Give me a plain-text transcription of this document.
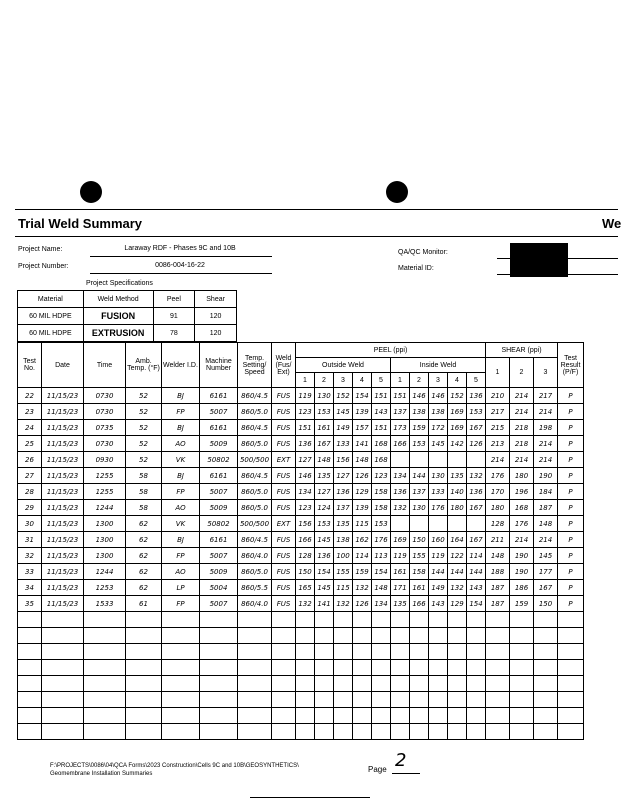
Trial Weld Summary	We
Project Name:	Laraway RDF - Phases 9C and 10B
Project Number:	0086-004-16-22
Project Specifications
QA/QC Monitor:
Material ID:
Material	Weld Method	Peel	Shear
60 MIL HDPE	FUSION	91	120
60 MIL HDPE	EXTRUSION	78	120
Test No.	Date	Time	Amb. Temp. (°F)	Welder I.D.	Machine Number	Temp. Setting/ Speed	Weld (Fus/ Ext)	PEEL (ppi)										SHEAR (ppi)			Test Result (P/F)
								Outside Weld					Inside Weld					1	2	3	
								1	2	3	4	5	1	2	3	4	5				
22	11/15/23	0730	52	BJ	6161	860/4.5	FUS	119	130	152	154	151	151	146	146	152	136	210	214	217	P
23	11/15/23	0730	52	FP	5007	860/5.0	FUS	123	153	145	139	143	137	138	138	169	153	217	214	214	P
24	11/15/23	0735	52	BJ	6161	860/4.5	FUS	151	161	149	157	151	173	159	172	169	167	215	218	198	P
25	11/15/23	0730	52	AO	5009	860/5.0	FUS	136	167	133	141	168	166	153	145	142	126	213	218	214	P
26	11/15/23	0930	52	VK	50802	500/500	EXT	127	148	156	148	168						214	214	214	P
27	11/15/23	1255	58	BJ	6161	860/4.5	FUS	146	135	127	126	123	134	144	130	135	132	176	180	190	P
28	11/15/23	1255	58	FP	5007	860/5.0	FUS	134	127	136	129	158	136	137	133	140	136	170	196	184	P
29	11/15/23	1244	58	AO	5009	860/5.0	FUS	123	124	137	139	158	132	130	176	180	167	180	168	187	P
30	11/15/23	1300	62	VK	50802	500/500	EXT	156	153	135	115	153						128	176	148	P
31	11/15/23	1300	62	BJ	6161	860/4.5	FUS	166	145	138	162	176	169	150	160	164	167	211	214	214	P
32	11/15/23	1300	62	FP	5007	860/4.0	FUS	128	136	100	114	113	119	155	119	122	114	148	190	145	P
33	11/15/23	1244	62	AO	5009	860/5.0	FUS	150	154	155	159	154	161	158	144	144	144	188	190	177	P
34	11/15/23	1253	62	LP	5004	860/5.5	FUS	165	145	115	132	148	171	161	149	132	143	187	186	167	P
35	11/15/23	1533	61	FP	5007	860/4.0	FUS	132	141	132	126	134	135	166	143	129	154	187	159	150	P

F:\PROJECTS\0086\04\QCA Forms\2023 Construction\Cells 9C and 10B\GEOSYNTHETICS\
Geomembrane Installation Summaries	Page 2
